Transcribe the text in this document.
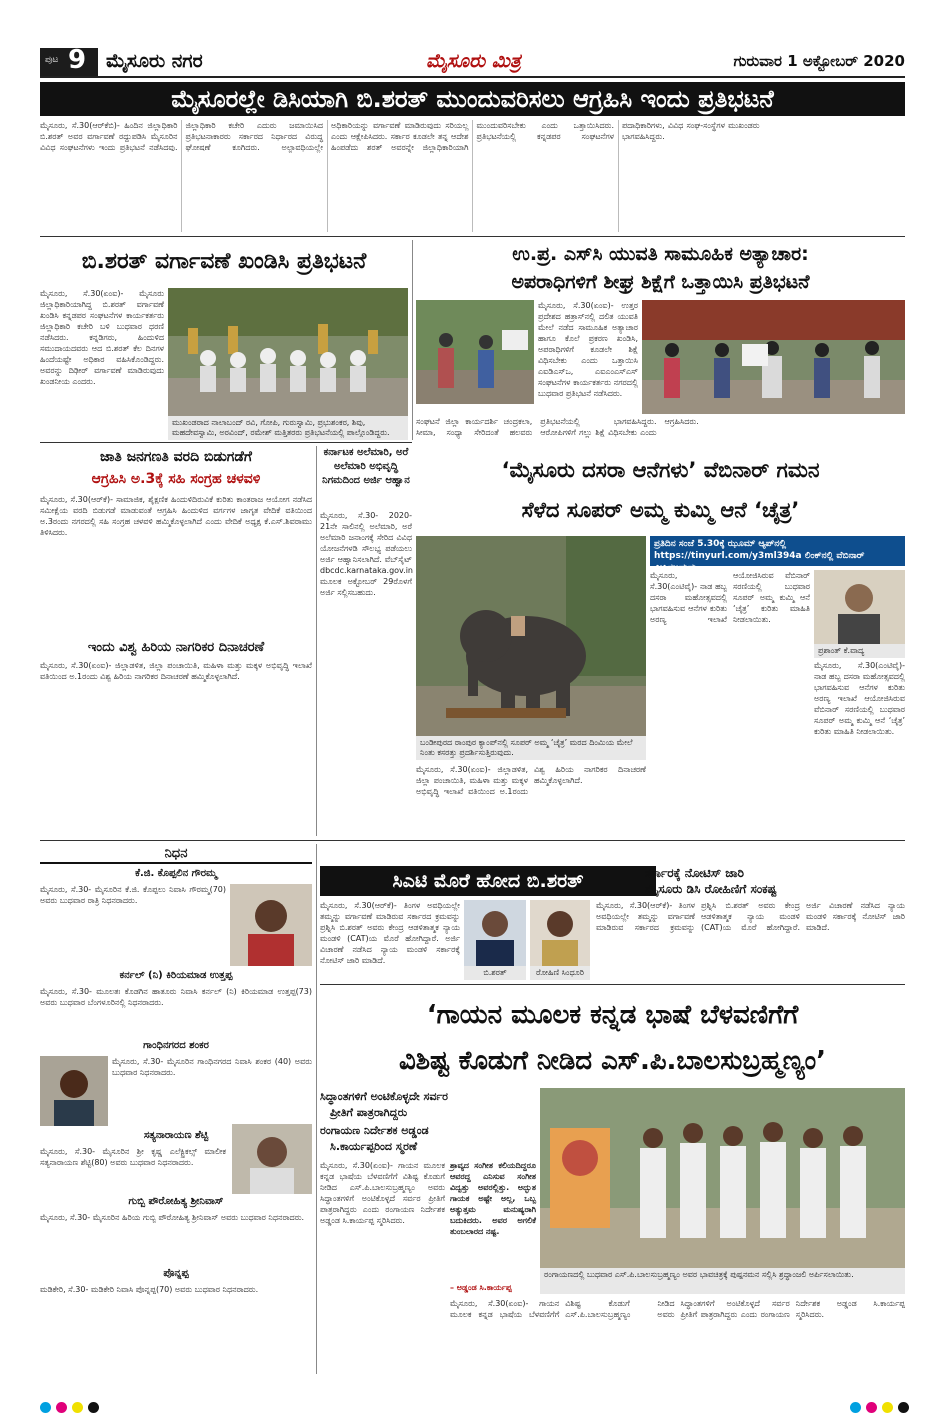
ಪುಟ 9 ಮೈಸೂರು ನಗರ	ಮೈಸೂರು ಮಿತ್ರ	ಗುರುವಾರ 1 ಅಕ್ಟೋಬರ್ 2020
ಮೈಸೂರಲ್ಲೇ ಡಿಸಿಯಾಗಿ ಬಿ.ಶರತ್ ಮುಂದುವರಿಸಲು ಆಗ್ರಹಿಸಿ ಇಂದು ಪ್ರತಿಭಟನೆ
ಮೈಸೂರು, ಸೆ.30(ಆರ್‌ಕೆಬಿ)- ಹಿಂದಿನ ಜಿಲ್ಲಾಧಿಕಾರಿ ಬಿ.ಶರತ್ ಅವರ ವರ್ಗಾವಣೆ ರದ್ದುಪಡಿಸಿ ಮೈಸೂರಿನ ವಿವಿಧ ಸಂಘಟನೆಗಳು ಇಂದು ಪ್ರತಿಭಟನೆ ನಡೆಸಿದವು. ಜಿಲ್ಲಾಧಿಕಾರಿ ಕಚೇರಿ ಎದುರು ಜಮಾಯಿಸಿದ ಪ್ರತಿಭಟನಾಕಾರರು ಸರ್ಕಾರದ ನಿರ್ಧಾರದ ವಿರುದ್ಧ ಘೋಷಣೆ ಕೂಗಿದರು. ಅಲ್ಪಾವಧಿಯಲ್ಲೇ ಅಧಿಕಾರಿಯನ್ನು ವರ್ಗಾವಣೆ ಮಾಡಿರುವುದು ಸರಿಯಲ್ಲ ಎಂದು ಆಕ್ಷೇಪಿಸಿದರು. ಸರ್ಕಾರ ಕೂಡಲೇ ತನ್ನ ಆದೇಶ ಹಿಂಪಡೆದು ಶರತ್ ಅವರನ್ನೇ ಜಿಲ್ಲಾಧಿಕಾರಿಯಾಗಿ ಮುಂದುವರಿಸಬೇಕು ಎಂದು ಒತ್ತಾಯಿಸಿದರು. ಪ್ರತಿಭಟನೆಯಲ್ಲಿ ಕನ್ನಡಪರ ಸಂಘಟನೆಗಳ ಪದಾಧಿಕಾರಿಗಳು, ವಿವಿಧ ಸಂಘ-ಸಂಸ್ಥೆಗಳ ಮುಖಂಡರು ಭಾಗವಹಿಸಿದ್ದರು.
ಬಿ.ಶರತ್ ವರ್ಗಾವಣೆ ಖಂಡಿಸಿ ಪ್ರತಿಭಟನೆ
ಮೈಸೂರು, ಸೆ.30(ಏಂಐ)- ಮೈಸೂರು ಜಿಲ್ಲಾಧಿಕಾರಿಯಾಗಿದ್ದ ಬಿ.ಶರತ್ ವರ್ಗಾವಣೆ ಖಂಡಿಸಿ ಕನ್ನಡಪರ ಸಂಘಟನೆಗಳ ಕಾರ್ಯಕರ್ತರು ಜಿಲ್ಲಾಧಿಕಾರಿ ಕಚೇರಿ ಬಳಿ ಬುಧವಾರ ಧರಣಿ ನಡೆಸಿದರು. ಕನ್ನಡಿಗರು, ಹಿಂದುಳಿದ ಸಮುದಾಯದವರು ಆದ ಬಿ.ಶರತ್ ಕೆಲ ದಿನಗಳ ಹಿಂದೆಯಷ್ಟೇ ಅಧಿಕಾರ ವಹಿಸಿಕೊಂಡಿದ್ದರು. ಅವರನ್ನು ದಿಢೀರ್ ವರ್ಗಾವಣೆ ಮಾಡಿರುವುದು ಖಂಡನೀಯ ಎಂದರು.
ಮುಖಂಡರಾದ ನಾಲಾಬಂದ್ ರವಿ, ಗೋಪಿ, ಗುರುಸ್ವಾಮಿ, ಪ್ರಭುಶಂಕರ, ಶಿವು, ಮಹದೇವಸ್ವಾಮಿ, ಅರವಿಂದ್, ರಮೇಶ್ ಮತ್ತಿತರರು ಪ್ರತಿಭಟನೆಯಲ್ಲಿ ಪಾಲ್ಗೊಂಡಿದ್ದರು.
ಉ.ಪ್ರ. ಎಸ್‌ಸಿ ಯುವತಿ ಸಾಮೂಹಿಕ ಅತ್ಯಾಚಾರ:
ಅಪರಾಧಿಗಳಿಗೆ ಶೀಘ್ರ ಶಿಕ್ಷೆಗೆ ಒತ್ತಾಯಿಸಿ ಪ್ರತಿಭಟನೆ
ಮೈಸೂರು, ಸೆ.30(ಏಂಐ)- ಉತ್ತರ ಪ್ರದೇಶದ ಹತ್ರಾಸ್‌ನಲ್ಲಿ ದಲಿತ ಯುವತಿ ಮೇಲೆ ನಡೆದ ಸಾಮೂಹಿಕ ಅತ್ಯಾಚಾರ ಹಾಗೂ ಕೊಲೆ ಪ್ರಕರಣ ಖಂಡಿಸಿ, ಅಪರಾಧಿಗಳಿಗೆ ಕೂಡಲೇ ಶಿಕ್ಷೆ ವಿಧಿಸಬೇಕು ಎಂದು ಒತ್ತಾಯಿಸಿ ಎಐಡಿಎಸ್‌ಒ, ಎಐಎಂಎಸ್‌ಎಸ್ ಸಂಘಟನೆಗಳ ಕಾರ್ಯಕರ್ತರು ನಗರದಲ್ಲಿ ಬುಧವಾರ ಪ್ರತಿಭಟನೆ ನಡೆಸಿದರು.
ಸಂಘಟನೆ ಜಿಲ್ಲಾ ಕಾರ್ಯದರ್ಶಿ ಚಂದ್ರಕಲಾ, ಸೀಮಾ, ಸಂಧ್ಯಾ ಸೇರಿದಂತೆ ಹಲವರು ಪ್ರತಿಭಟನೆಯಲ್ಲಿ ಭಾಗವಹಿಸಿದ್ದರು. ಆರೋಪಿಗಳಿಗೆ ಗಲ್ಲು ಶಿಕ್ಷೆ ವಿಧಿಸಬೇಕು ಎಂದು ಆಗ್ರಹಿಸಿದರು.
ಜಾತಿ ಜನಗಣತಿ ವರದಿ ಬಿಡುಗಡೆಗೆ
ಆಗ್ರಹಿಸಿ ಅ.3ಕ್ಕೆ ಸಹಿ ಸಂಗ್ರಹ ಚಳವಳಿ
ಮೈಸೂರು, ಸೆ.30(ಆರ್‌ಕೆ)- ಸಾಮಾಜಿಕ, ಶೈಕ್ಷಣಿಕ ಹಿಂದುಳಿದಿರುವಿಕೆ ಕುರಿತು ಕಾಂತರಾಜ ಆಯೋಗ ನಡೆಸಿದ ಸಮೀಕ್ಷೆಯ ವರದಿ ಬಿಡುಗಡೆ ಮಾಡುವಂತೆ ಆಗ್ರಹಿಸಿ ಹಿಂದುಳಿದ ವರ್ಗಗಳ ಜಾಗೃತ ವೇದಿಕೆ ವತಿಯಿಂದ ಅ.3ರಂದು ನಗರದಲ್ಲಿ ಸಹಿ ಸಂಗ್ರಹ ಚಳವಳಿ ಹಮ್ಮಿಕೊಳ್ಳಲಾಗಿದೆ ಎಂದು ವೇದಿಕೆ ಅಧ್ಯಕ್ಷ ಕೆ.ಎಸ್.ಶಿವರಾಮು ತಿಳಿಸಿದರು.
ಇಂದು ವಿಶ್ವ ಹಿರಿಯ ನಾಗರಿಕರ ದಿನಾಚರಣೆ
ಮೈಸೂರು, ಸೆ.30(ಏಂಐ)- ಜಿಲ್ಲಾಡಳಿತ, ಜಿಲ್ಲಾ ಪಂಚಾಯಿತಿ, ಮಹಿಳಾ ಮತ್ತು ಮಕ್ಕಳ ಅಭಿವೃದ್ಧಿ ಇಲಾಖೆ ವತಿಯಿಂದ ಅ.1ರಂದು ವಿಶ್ವ ಹಿರಿಯ ನಾಗರಿಕರ ದಿನಾಚರಣೆ ಹಮ್ಮಿಕೊಳ್ಳಲಾಗಿದೆ.
ಕರ್ನಾಟಕ ಅಲೆಮಾರಿ, ಅರೆ ಅಲೆಮಾರಿ ಅಭಿವೃದ್ಧಿ ನಿಗಮದಿಂದ ಅರ್ಜಿ ಆಹ್ವಾನ
ಮೈಸೂರು, ಸೆ.30- 2020-21ನೇ ಸಾಲಿನಲ್ಲಿ ಅಲೆಮಾರಿ, ಅರೆ ಅಲೆಮಾರಿ ಜನಾಂಗಕ್ಕೆ ಸೇರಿದ ವಿವಿಧ ಯೋಜನೆಗಳಡಿ ಸೌಲಭ್ಯ ಪಡೆಯಲು ಅರ್ಜಿ ಆಹ್ವಾನಿಸಲಾಗಿದೆ. ವೆಬ್‌ಸೈಟ್ dbcdc.karnataka.gov.in ಮೂಲಕ ಅಕ್ಟೋಬರ್ 29ರೊಳಗೆ ಅರ್ಜಿ ಸಲ್ಲಿಸಬಹುದು.
‘ಮೈಸೂರು ದಸರಾ ಆನೆಗಳು’ ವೆಬಿನಾರ್ ಗಮನ
ಸೆಳೆದ ಸೂಪರ್ ಅಮ್ಮ ಕುಮ್ಮಿ ಆನೆ ‘ಚೈತ್ರ’
ಬಂಡೀಪುರದ ರಾಂಪುರ ಕ್ಯಾಂಪ್‌ನಲ್ಲಿ ಸೂಪರ್ ಅಮ್ಮ ‘ಚೈತ್ರ’ ಮರದ ದಿಂಮಿಯ ಮೇಲೆ ನಿಂತು ಕಸರತ್ತು ಪ್ರದರ್ಶಿಸುತ್ತಿರುವುದು.
ಪ್ರತಿದಿನ ಸಂಜೆ 5.30ಕ್ಕೆ ಝೂಮ್ ಆ್ಯಪ್‌ನಲ್ಲಿ https://tinyurl.com/y3ml394a ಲಿಂಕ್‌ನಲ್ಲಿ ವೆಬಿನಾರ್ ವೀಕ್ಷಿಸಬಹುದು
ಮೈಸೂರು, ಸೆ.30(ಎಂಟಿವೈ)- ನಾಡ ಹಬ್ಬ ದಸರಾ ಮಹೋತ್ಸವದಲ್ಲಿ ಭಾಗವಹಿಸುವ ಆನೆಗಳ ಕುರಿತು ಅರಣ್ಯ ಇಲಾಖೆ ಆಯೋಜಿಸಿರುವ ವೆಬಿನಾರ್ ಸರಣಿಯಲ್ಲಿ ಬುಧವಾರ ಸೂಪರ್ ಅಮ್ಮ ಕುಮ್ಮಿ ಆನೆ ‘ಚೈತ್ರ’ ಕುರಿತು ಮಾಹಿತಿ ನೀಡಲಾಯಿತು.
ಪ್ರಶಾಂತ್ ಕೆ.ವಾದ್ಯ
ಮೈಸೂರು, ಸೆ.30(ಎಂಟಿವೈ)- ನಾಡ ಹಬ್ಬ ದಸರಾ ಮಹೋತ್ಸವದಲ್ಲಿ ಭಾಗವಹಿಸುವ ಆನೆಗಳ ಕುರಿತು ಅರಣ್ಯ ಇಲಾಖೆ ಆಯೋಜಿಸಿರುವ ವೆಬಿನಾರ್ ಸರಣಿಯಲ್ಲಿ ಬುಧವಾರ ಸೂಪರ್ ಅಮ್ಮ ಕುಮ್ಮಿ ಆನೆ ‘ಚೈತ್ರ’ ಕುರಿತು ಮಾಹಿತಿ ನೀಡಲಾಯಿತು.
ಮೈಸೂರು, ಸೆ.30(ಏಂಐ)- ಜಿಲ್ಲಾಡಳಿತ, ಜಿಲ್ಲಾ ಪಂಚಾಯಿತಿ, ಮಹಿಳಾ ಮತ್ತು ಮಕ್ಕಳ ಅಭಿವೃದ್ಧಿ ಇಲಾಖೆ ವತಿಯಿಂದ ಅ.1ರಂದು ವಿಶ್ವ ಹಿರಿಯ ನಾಗರಿಕರ ದಿನಾಚರಣೆ ಹಮ್ಮಿಕೊಳ್ಳಲಾಗಿದೆ.
ನಿಧನ
ಕೆ.ಜಿ. ಕೊಪ್ಪಲಿನ ಗೌರಮ್ಮ
ಮೈಸೂರು, ಸೆ.30- ಮೈಸೂರಿನ ಕೆ.ಜಿ. ಕೊಪ್ಪಲು ನಿವಾಸಿ ಗೌರಮ್ಮ(70) ಅವರು ಬುಧವಾರ ರಾತ್ರಿ ನಿಧನರಾದರು.
ಕರ್ನಲ್ (ನಿ) ಕಿರಿಯಮಾಡ ಉತ್ತಪ್ಪ
ಮೈಸೂರು, ಸೆ.30- ಮೂಲತಃ ಕೊಡಗಿನ ಹಾತೂರು ನಿವಾಸಿ ಕರ್ನಲ್ (ನಿ) ಕಿರಿಯಮಾಡ ಉತ್ತಪ್ಪ(73) ಅವರು ಬುಧವಾರ ಬೆಂಗಳೂರಿನಲ್ಲಿ ನಿಧನರಾದರು.
ಗಾಂಧಿನಗರದ ಶಂಕರ
ಮೈಸೂರು, ಸೆ.30- ಮೈಸೂರಿನ ಗಾಂಧಿನಗರದ ನಿವಾಸಿ ಶಂಕರ (40) ಅವರು ಬುಧವಾರ ನಿಧನರಾದರು.
ಸತ್ಯನಾರಾಯಣ ಶೆಟ್ಟಿ
ಮೈಸೂರು, ಸೆ.30- ಮೈಸೂರಿನ ಶ್ರೀ ಕೃಷ್ಣ ಎಲೆಕ್ಟ್ರಿಕಲ್ಸ್ ಮಾಲೀಕ ಸತ್ಯನಾರಾಯಣ ಶೆಟ್ಟಿ(80) ಅವರು ಬುಧವಾರ ನಿಧನರಾದರು.
ಗುಬ್ಬಿ ಪೌರೋಹಿತ್ಯ ಶ್ರೀನಿವಾಸ್
ಮೈಸೂರು, ಸೆ.30- ಮೈಸೂರಿನ ಹಿರಿಯ ಗುಬ್ಬಿ ಪೌರೋಹಿತ್ಯ ಶ್ರೀನಿವಾಸ್ ಅವರು ಬುಧವಾರ ನಿಧನರಾದರು.
ಪೊನ್ನಪ್ಪ
ಮಡಿಕೇರಿ, ಸೆ.30- ಮಡಿಕೇರಿ ನಿವಾಸಿ ಪೊನ್ನಪ್ಪ(70) ಅವರು ಬುಧವಾರ ನಿಧನರಾದರು.
ಸಿಎಟಿ ಮೊರೆ ಹೋದ ಬಿ.ಶರತ್	ಸರ್ಕಾರಕ್ಕೆ ನೋಟಿಸ್ ಜಾರಿ
ಮೈಸೂರು ಡಿಸಿ ರೋಹಿಣಿಗೆ ಸಂಕಷ್ಟ
ಮೈಸೂರು, ಸೆ.30(ಆರ್‌ಕೆ)- ತಿಂಗಳ ಅವಧಿಯಲ್ಲೇ ತಮ್ಮನ್ನು ವರ್ಗಾವಣೆ ಮಾಡಿರುವ ಸರ್ಕಾರದ ಕ್ರಮವನ್ನು ಪ್ರಶ್ನಿಸಿ ಬಿ.ಶರತ್ ಅವರು ಕೇಂದ್ರ ಆಡಳಿತಾತ್ಮಕ ನ್ಯಾಯ ಮಂಡಳಿ (CAT)ಯ ಮೊರೆ ಹೋಗಿದ್ದಾರೆ. ಅರ್ಜಿ ವಿಚಾರಣೆ ನಡೆಸಿದ ನ್ಯಾಯ ಮಂಡಳಿ ಸರ್ಕಾರಕ್ಕೆ ನೋಟಿಸ್ ಜಾರಿ ಮಾಡಿದೆ.
ಬಿ.ಶರತ್	ರೋಹಿಣಿ ಸಿಂಧೂರಿ
ಮೈಸೂರು, ಸೆ.30(ಆರ್‌ಕೆ)- ತಿಂಗಳ ಅವಧಿಯಲ್ಲೇ ತಮ್ಮನ್ನು ವರ್ಗಾವಣೆ ಮಾಡಿರುವ ಸರ್ಕಾರದ ಕ್ರಮವನ್ನು ಪ್ರಶ್ನಿಸಿ ಬಿ.ಶರತ್ ಅವರು ಕೇಂದ್ರ ಆಡಳಿತಾತ್ಮಕ ನ್ಯಾಯ ಮಂಡಳಿ (CAT)ಯ ಮೊರೆ ಹೋಗಿದ್ದಾರೆ. ಅರ್ಜಿ ವಿಚಾರಣೆ ನಡೆಸಿದ ನ್ಯಾಯ ಮಂಡಳಿ ಸರ್ಕಾರಕ್ಕೆ ನೋಟಿಸ್ ಜಾರಿ ಮಾಡಿದೆ.
‘ಗಾಯನ ಮೂಲಕ ಕನ್ನಡ ಭಾಷೆ ಬೆಳವಣಿಗೆಗೆ
ವಿಶಿಷ್ಟ ಕೊಡುಗೆ ನೀಡಿದ ಎಸ್.ಪಿ.ಬಾಲಸುಬ್ರಹ್ಮಣ್ಯಂ’
ಸಿದ್ಧಾಂತಗಳಿಗೆ ಅಂಟಿಕೊಳ್ಳದೇ ಸರ್ವರ
ಪ್ರೀತಿಗೆ ಪಾತ್ರರಾಗಿದ್ದರು
ರಂಗಾಯಣ ನಿರ್ದೇಶಕ ಅಡ್ಡಂಡ
ಸಿ.ಕಾರ್ಯಪ್ಪರಿಂದ ಸ್ಮರಣೆ
ರಂಗಾಯಣದಲ್ಲಿ ಬುಧವಾರ ಎಸ್.ಪಿ.ಬಾಲಸುಬ್ರಹ್ಮಣ್ಯಂ ಅವರ ಭಾವಚಿತ್ರಕ್ಕೆ ಪುಷ್ಪನಮನ ಸಲ್ಲಿಸಿ ಶ್ರದ್ಧಾಂಜಲಿ ಅರ್ಪಿಸಲಾಯಿತು.
ಮೈಸೂರು, ಸೆ.30(ಏಂಐ)- ಗಾಯನ ಮೂಲಕ ಕನ್ನಡ ಭಾಷೆಯ ಬೆಳವಣಿಗೆಗೆ ವಿಶಿಷ್ಟ ಕೊಡುಗೆ ನೀಡಿದ ಎಸ್.ಪಿ.ಬಾಲಸುಬ್ರಹ್ಮಣ್ಯಂ ಅವರು ಸಿದ್ಧಾಂತಗಳಿಗೆ ಅಂಟಿಕೊಳ್ಳದೆ ಸರ್ವರ ಪ್ರೀತಿಗೆ ಪಾತ್ರರಾಗಿದ್ದರು ಎಂದು ರಂಗಾಯಣ ನಿರ್ದೇಶಕ ಅಡ್ಡಂಡ ಸಿ.ಕಾರ್ಯಪ್ಪ ಸ್ಮರಿಸಿದರು.
ಶ್ರಾವ್ಯದ ಸಂಗೀತ ಕಲಿಯದಿದ್ದರೂ ಆವರದ್ದ ಎನಿಸುವ ಸಂಗೀತ ವಿದ್ವತ್ತು ಅವರಲ್ಲಿತ್ತು. ಅದ್ಭುತ ಗಾಯಕ ಅಷ್ಟೇ ಅಲ್ಲ, ಒಬ್ಬ ಅತ್ಯುತ್ತಮ ಮನುಷ್ಯರಾಗಿ ಬದುಕಿದರು. ಅವರ ಅಗಲಿಕೆ ತುಂಬಲಾರದ ನಷ್ಟ.
– ಅಡ್ಡಂಡ ಸಿ.ಕಾರ್ಯಪ್ಪ
ಮೈಸೂರು, ಸೆ.30(ಏಂಐ)- ಗಾಯನ ಮೂಲಕ ಕನ್ನಡ ಭಾಷೆಯ ಬೆಳವಣಿಗೆಗೆ ವಿಶಿಷ್ಟ ಕೊಡುಗೆ ನೀಡಿದ ಎಸ್.ಪಿ.ಬಾಲಸುಬ್ರಹ್ಮಣ್ಯಂ ಅವರು ಸಿದ್ಧಾಂತಗಳಿಗೆ ಅಂಟಿಕೊಳ್ಳದೆ ಸರ್ವರ ಪ್ರೀತಿಗೆ ಪಾತ್ರರಾಗಿದ್ದರು ಎಂದು ರಂಗಾಯಣ ನಿರ್ದೇಶಕ ಅಡ್ಡಂಡ ಸಿ.ಕಾರ್ಯಪ್ಪ ಸ್ಮರಿಸಿದರು.
